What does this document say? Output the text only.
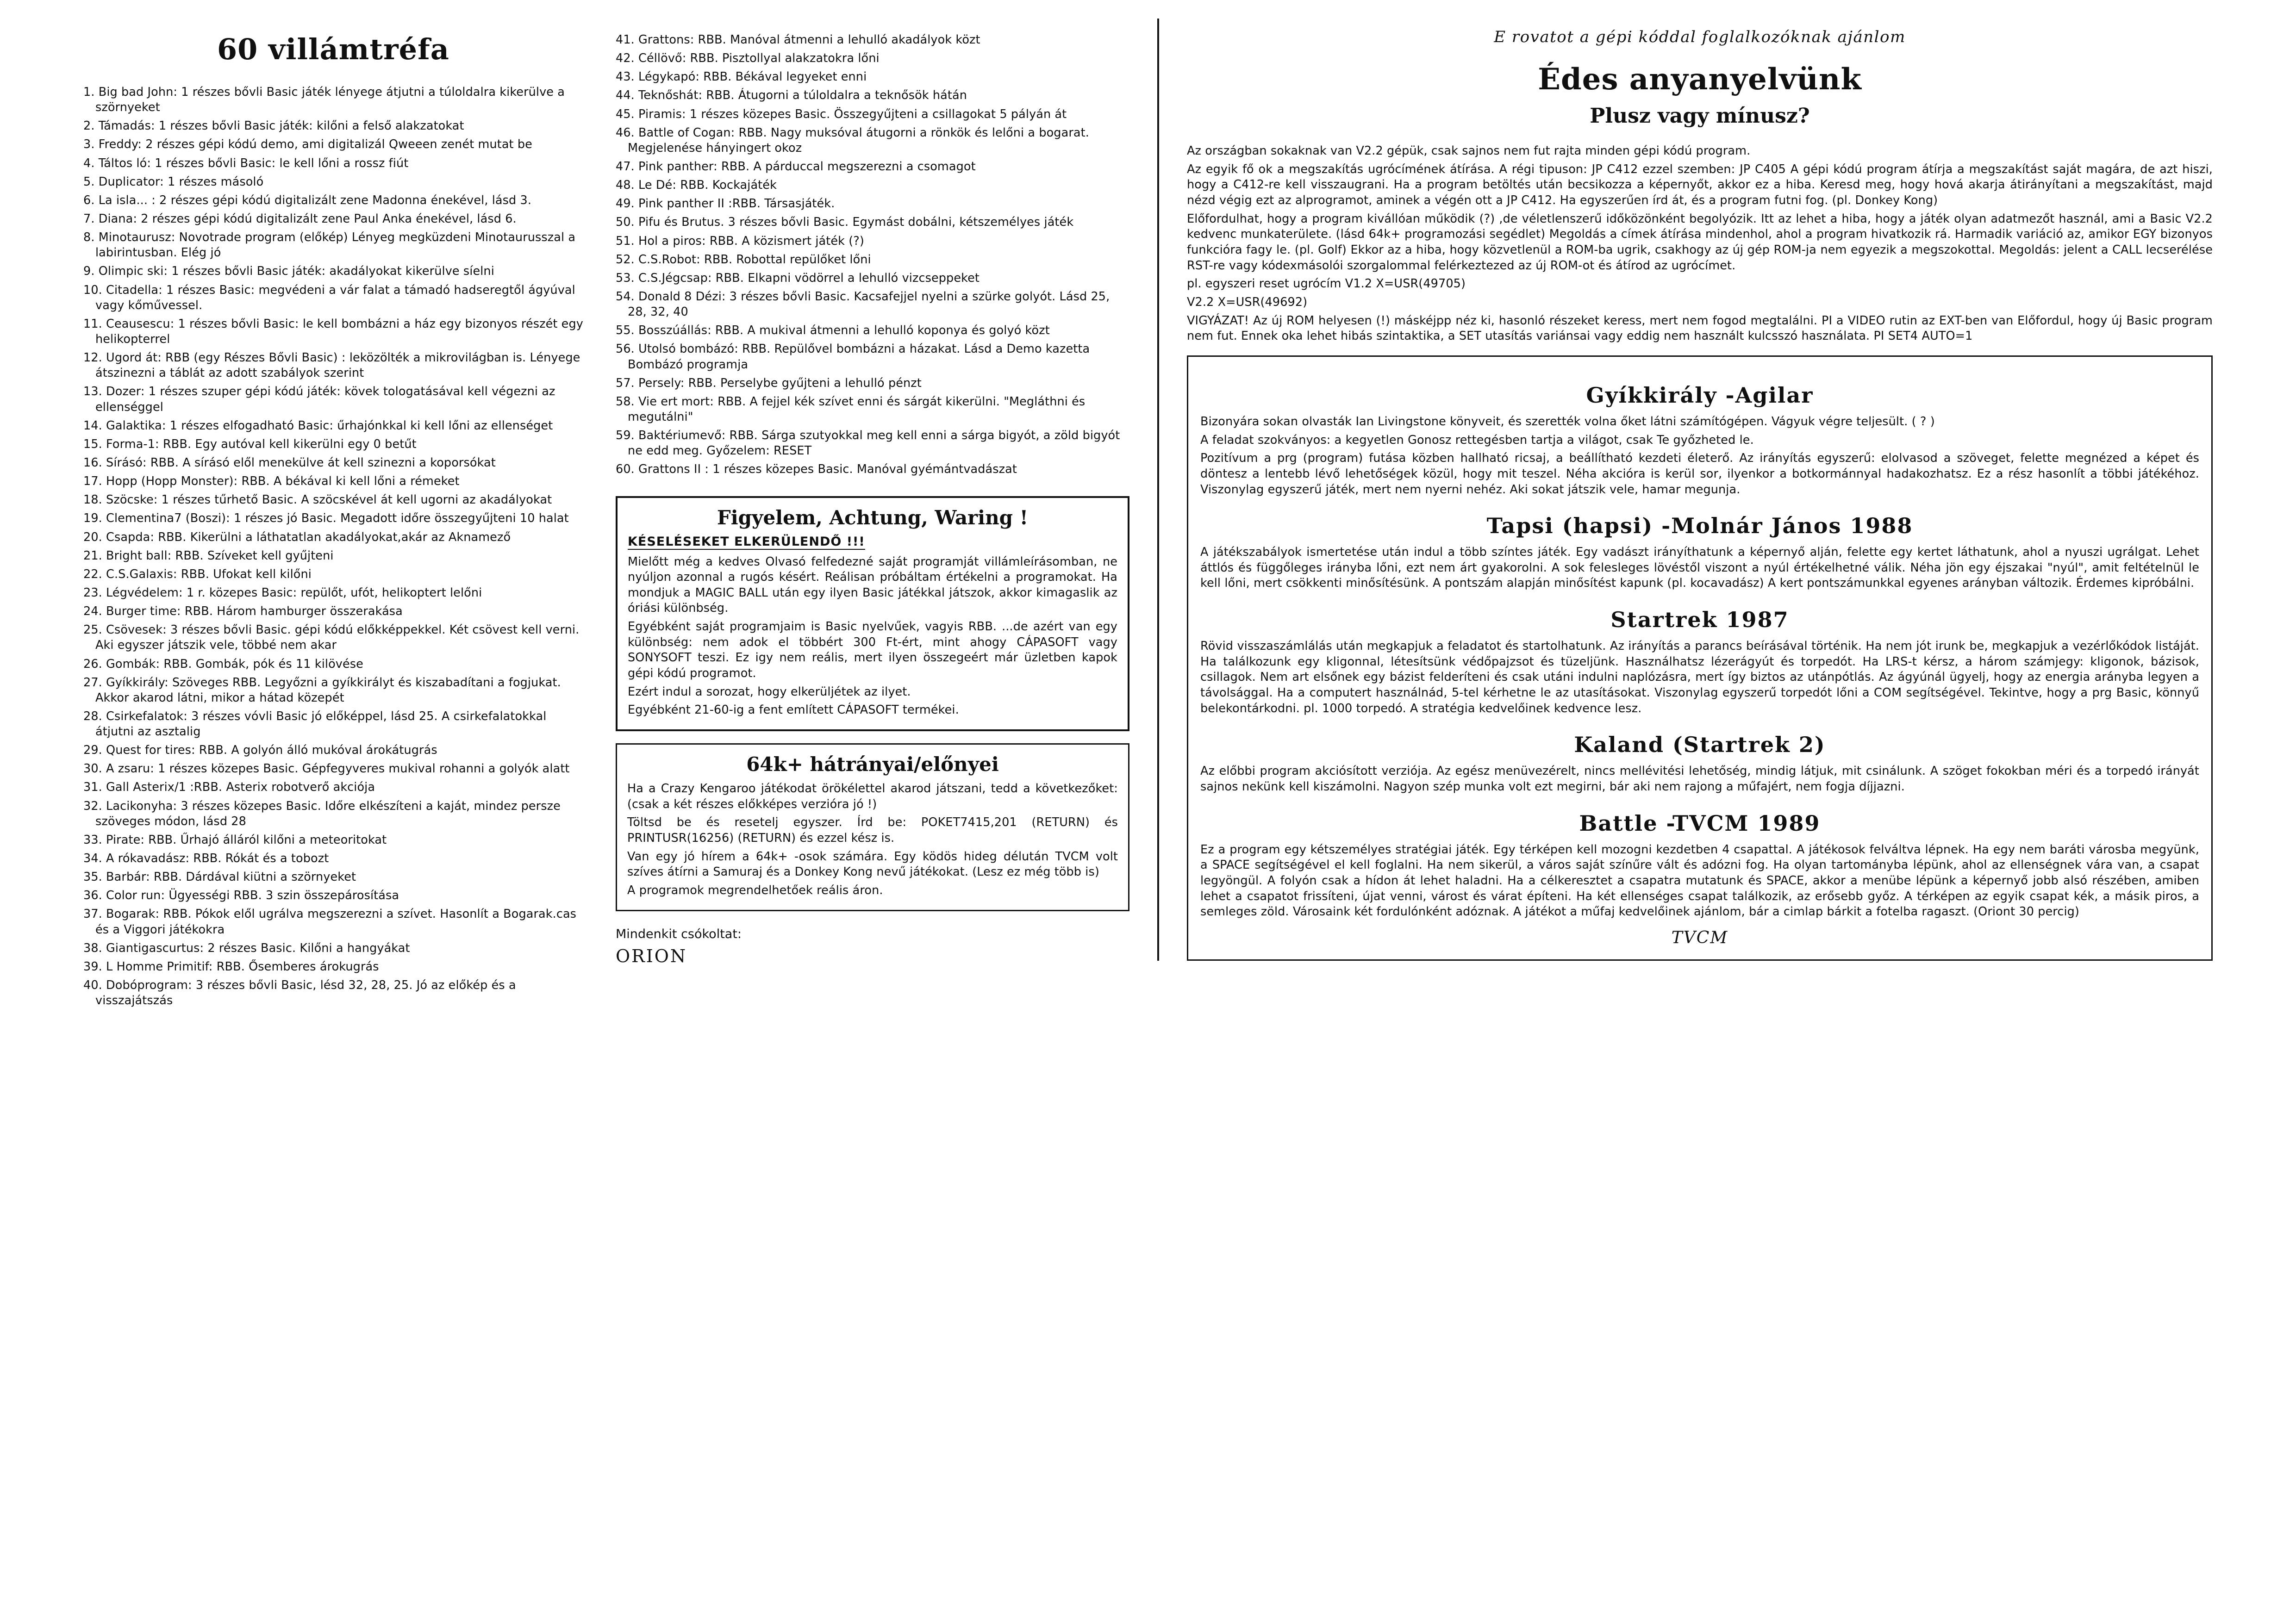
60 villámtréfa
1. Big bad John: 1 részes bővli Basic játék lényege átjutni a túloldalra kikerülve a szörnyeket
2. Támadás: 1 részes bővli Basic játék: kilőni a felső alakzatokat
3. Freddy: 2 részes gépi kódú demo, ami digitalizál Qweeen zenét mutat be
4. Táltos ló: 1 részes bővli Basic: le kell lőni a rossz fiút
5. Duplicator: 1 részes másoló
6. La isla... : 2 részes gépi kódú digitalizált zene Madonna énekével, lásd 3.
7. Diana: 2 részes gépi kódú digitalizált zene Paul Anka énekével, lásd 6.
8. Minotaurusz: Novotrade program (előkép) Lényeg megküzdeni Minotaurusszal a labirintusban. Elég jó
9. Olimpic ski: 1 részes bővli Basic játék: akadályokat kikerülve síelni
10. Citadella: 1 részes Basic: megvédeni a vár falat a támadó hadseregtől ágyúval vagy kőművessel.
11. Ceausescu: 1 részes bővli Basic: le kell bombázni a ház egy bizonyos részét egy helikopterrel
12. Ugord át: RBB (egy Részes Bővli Basic) : leközölték a mikrovilágban is. Lényege átszinezni a táblát az adott szabályok szerint
13. Dozer: 1 részes szuper gépi kódú játék: kövek tologatásával kell végezni az ellenséggel
14. Galaktika: 1 részes elfogadható Basic: űrhajónkkal ki kell lőni az ellenséget
15. Forma-1: RBB. Egy autóval kell kikerülni egy 0 betűt
16. Sírásó: RBB. A sírásó elől menekülve át kell szinezni a koporsókat
17. Hopp (Hopp Monster): RBB. A békával ki kell lőni a rémeket
18. Szöcske: 1 részes tűrhető Basic. A szöcskével át kell ugorni az akadályokat
19. Clementina7 (Boszi): 1 részes jó Basic. Megadott időre összegyűjteni 10 halat
20. Csapda: RBB. Kikerülni a láthatatlan akadályokat,akár az Aknamező
21. Bright ball: RBB. Szíveket kell gyűjteni
22. C.S.Galaxis: RBB. Ufokat kell kilőni
23. Légvédelem: 1 r. közepes Basic: repülőt, ufót, helikoptert lelőni
24. Burger time: RBB. Három hamburger összerakása
25. Csövesek: 3 részes bővli Basic. gépi kódú előkképpekkel. Két csövest kell verni. Aki egyszer játszik vele, többé nem akar
26. Gombák: RBB. Gombák, pók és 11 kilövése
27. Gyíkkirály: Szöveges RBB. Legyőzni a gyíkkirályt és kiszabadítani a fogjukat. Akkor akarod látni, mikor a hátad közepét
28. Csirkefalatok: 3 részes vóvli Basic jó előképpel, lásd 25. A csirkefalatokkal átjutni az asztalig
29. Quest for tires: RBB. A golyón álló mukóval árokátugrás
30. A zsaru: 1 részes közepes Basic. Gépfegyveres mukival rohanni a golyók alatt
31. Gall Asterix/1 :RBB. Asterix robotverő akciója
32. Lacikonyha: 3 részes közepes Basic. Időre elkészíteni a kaját, mindez persze szöveges módon, lásd 28
33. Pirate: RBB. Űrhajó álláról kilőni a meteoritokat
34. A rókavadász: RBB. Rókát és a tobozt
35. Barbár: RBB. Dárdával kiütni a szörnyeket
36. Color run: Ügyességi RBB. 3 szin összepárosítása
37. Bogarak: RBB. Pókok elől ugrálva megszerezni a szívet. Hasonlít a Bogarak.cas és a Viggori játékokra
38. Giantigascurtus: 2 részes Basic. Kilőni a hangyákat
39. L Homme Primitif: RBB. Ősemberes árokugrás
40. Dobóprogram: 3 részes bővli Basic, lésd 32, 28, 25. Jó az előkép és a visszajátszás
41. Grattons: RBB. Manóval átmenni a lehulló akadályok közt
42. Céllövő: RBB. Pisztollyal alakzatokra lőni
43. Légykapó: RBB. Békával legyeket enni
44. Teknőshát: RBB. Átugorni a túloldalra a teknősök hátán
45. Piramis: 1 részes közepes Basic. Összegyűjteni a csillagokat 5 pályán át
46. Battle of Cogan: RBB. Nagy muksóval átugorni a rönkök és lelőni a bogarat. Megjelenése hányingert okoz
47. Pink panther: RBB. A párduccal megszerezni a csomagot
48. Le Dé: RBB. Kockajáték
49. Pink panther II :RBB. Társasjáték.
50. Pifu és Brutus. 3 részes bővli Basic. Egymást dobálni, kétszemélyes játék
51. Hol a piros: RBB. A közismert játék (?)
52. C.S.Robot: RBB. Robottal repülőket lőni
53. C.S.Jégcsap: RBB. Elkapni vödörrel a lehulló vizcseppeket
54. Donald 8 Dézi: 3 részes bővli Basic. Kacsafejjel nyelni a szürke golyót. Lásd 25, 28, 32, 40
55. Bosszúállás: RBB. A mukival átmenni a lehulló koponya és golyó közt
56. Utolsó bombázó: RBB. Repülővel bombázni a házakat. Lásd a Demo kazetta Bombázó programja
57. Persely: RBB. Perselybe gyűjteni a lehulló pénzt
58. Vie ert mort: RBB. A fejjel kék szívet enni és sárgát kikerülni. "Megláthni és megutálni"
59. Baktériumevő: RBB. Sárga szutyokkal meg kell enni a sárga bigyót, a zöld bigyót ne edd meg. Győzelem: RESET
60. Grattons II : 1 részes közepes Basic. Manóval gyémántvadászat
Figyelem, Achtung, Waring !
KÉSELÉSEKET ELKERÜLENDŐ !!!

Mielőtt még a kedves Olvasó felfedezné saját programját villámleírásomban, ne nyúljon azonnal a rugós késért. Reálisan próbáltam értékelni a programokat. Ha mondjuk a MAGIC BALL után egy ilyen Basic játékkal játszok, akkor kimagaslik az óriási különbség.

Egyébként saját programjaim is Basic nyelvűek, vagyis RBB. ...de azért van egy különbség: nem adok el többért 300 Ft-ért, mint ahogy CÁPASOFT vagy SONYSOFT teszi. Ez igy nem reális, mert ilyen összegeért már üzletben kapok gépi kódú programot.

Ezért indul a sorozat, hogy elkerüljétek az ilyet.

Egyébként 21-60-ig a fent említett CÁPASOFT termékei.

64k+ hátrányai/előnyei

Ha a Crazy Kengaroo játékodat örökélettel akarod játszani, tedd a következőket: (csak a két részes előkképes verzióra jó !)

Töltsd be és resetelj egyszer. Írd be: POKET7415,201 (RETURN) és PRINTUSR(16256) (RETURN) és ezzel kész is.

Van egy jó hírem a 64k+ -osok számára. Egy ködös hideg délután TVCM volt szíves átírni a Samuraj és a Donkey Kong nevű játékokat. (Lesz ez még több is)

A programok megrendelhetőek reális áron.

Mindenkit csókoltat:
ORION
E rovatot a gépi kóddal foglalkozóknak ajánlom
Édes anyanyelvünk
Plusz vagy mínusz?

Az országban sokaknak van V2.2 gépük, csak sajnos nem fut rajta minden gépi kódú program.

Az egyik fő ok a megszakítás ugrócímének átírása. A régi tipuson: JP C412 ezzel szemben: JP C405 A gépi kódú program átírja a megszakítást saját magára, de azt hiszi, hogy a C412-re kell visszaugrani. Ha a program betöltés után becsikozza a képernyőt, akkor ez a hiba. Keresd meg, hogy hová akarja átirányítani a megszakítást, majd nézd végig ezt az alprogramot, aminek a végén ott a JP C412. Ha egyszerűen írd át, és a program futni fog. (pl. Donkey Kong)

Előfordulhat, hogy a program kivállóan működik (?) ,de véletlenszerű időközönként begolyózik. Itt az lehet a hiba, hogy a játék olyan adatmezőt használ, ami a Basic V2.2 kedvenc munkaterülete. (lásd 64k+ programozási segédlet) Megoldás a címek átírása mindenhol, ahol a program hivatkozik rá. Harmadik variáció az, amikor EGY bizonyos funkcióra fagy le. (pl. Golf) Ekkor az a hiba, hogy közvetlenül a ROM-ba ugrik, csakhogy az új gép ROM-ja nem egyezik a megszokottal. Megoldás: jelent a CALL lecserélése RST-re vagy kódexmásolói szorgalommal felérkeztezed az új ROM-ot és átírod az ugrócímet.

pl. egyszeri reset ugrócím V1.2 X=USR(49705)

V2.2 X=USR(49692)

VIGYÁZAT! Az új ROM helyesen (!) máskéjpp néz ki, hasonló részeket keress, mert nem fogod megtalálni. PI a VIDEO rutin az EXT-ben van Előfordul, hogy új Basic program nem fut. Ennek oka lehet hibás szintaktika, a SET utasítás variánsai vagy eddig nem használt kulcsszó használata. PI SET4 AUTO=1

Gyíkkirály -Agilar

Bizonyára sokan olvasták Ian Livingstone könyveit, és szerették volna őket látni számítógépen. Vágyuk végre teljesült. ( ? )

A feladat szokványos: a kegyetlen Gonosz rettegésben tartja a világot, csak Te győzheted le.

Pozitívum a prg (program) futása közben hallható ricsaj, a beállítható kezdeti életerő. Az irányítás egyszerű: elolvasod a szöveget, felette megnézed a képet és döntesz a lentebb lévő lehetőségek közül, hogy mit teszel. Néha akcióra is kerül sor, ilyenkor a botkormánnyal hadakozhatsz. Ez a rész hasonlít a többi játékéhoz. Viszonylag egyszerű játék, mert nem nyerni nehéz. Aki sokat játszik vele, hamar megunja.

Tapsi (hapsi) -Molnár János 1988

A játékszabályok ismertetése után indul a több színtes játék. Egy vadászt irányíthatunk a képernyő alján, felette egy kertet láthatunk, ahol a nyuszi ugrálgat. Lehet áttlós és függőleges irányba lőni, ezt nem árt gyakorolni. A sok felesleges lövéstől viszont a nyúl értékelhetné válik. Néha jön egy éjszakai "nyúl", amit feltételnül le kell lőni, mert csökkenti minősítésünk. A pontszám alapján minősítést kapunk (pl. kocavadász) A kert pontszámunkkal egyenes arányban változik. Érdemes kipróbálni.

Startrek 1987

Rövid visszaszámlálás után megkapjuk a feladatot és startolhatunk. Az irányítás a parancs beírásával történik. Ha nem jót irunk be, megkapjuk a vezérlőkódok listáját. Ha találkozunk egy kligonnal, létesítsünk védőpajzsot és tüzeljünk. Használhatsz lézerágyút és torpedót. Ha LRS-t kérsz, a három számjegy: kligonok, bázisok, csillagok. Nem art elsőnek egy bázist felderíteni és csak utáni indulni naplózásra, mert így biztos az utánpótlás. Az ágyúnál ügyelj, hogy az energia arányba legyen a távolsággal. Ha a computert használnád, 5-tel kérhetne le az utasításokat. Viszonylag egyszerű torpedót lőni a COM segítségével. Tekintve, hogy a prg Basic, könnyű belekontárkodni. pl. 1000 torpedó. A stratégia kedvelőinek kedvence lesz.

Kaland (Startrek 2)

Az előbbi program akciósított verziója. Az egész menüvezérelt, nincs mellévitési lehetőség, mindig látjuk, mit csinálunk. A szöget fokokban méri és a torpedó irányát sajnos nekünk kell kiszámolni. Nagyon szép munka volt ezt megirni, bár aki nem rajong a műfajért, nem fogja díjjazni.

Battle -TVCM 1989

Ez a program egy kétszemélyes stratégiai játék. Egy térképen kell mozogni kezdetben 4 csapattal. A játékosok felváltva lépnek. Ha egy nem baráti városba megyünk, a SPACE segítségével el kell foglalni. Ha nem sikerül, a város saját színűre vált és adózni fog. Ha olyan tartományba lépünk, ahol az ellenségnek vára van, a csapat legyöngül. A folyón csak a hídon át lehet haladni. Ha a célkeresztet a csapatra mutatunk és SPACE, akkor a menübe lépünk a képernyő jobb alsó részében, amiben lehet a csapatot frissíteni, újat venni, várost és várat építeni. Ha két ellenséges csapat találkozik, az erősebb győz. A térképen az egyik csapat kék, a másik piros, a semleges zöld. Városaink két fordulónként adóznak. A játékot a műfaj kedvelőinek ajánlom, bár a cimlap bárkit a fotelba ragaszt. (Oriont 30 percig)

TVCM
